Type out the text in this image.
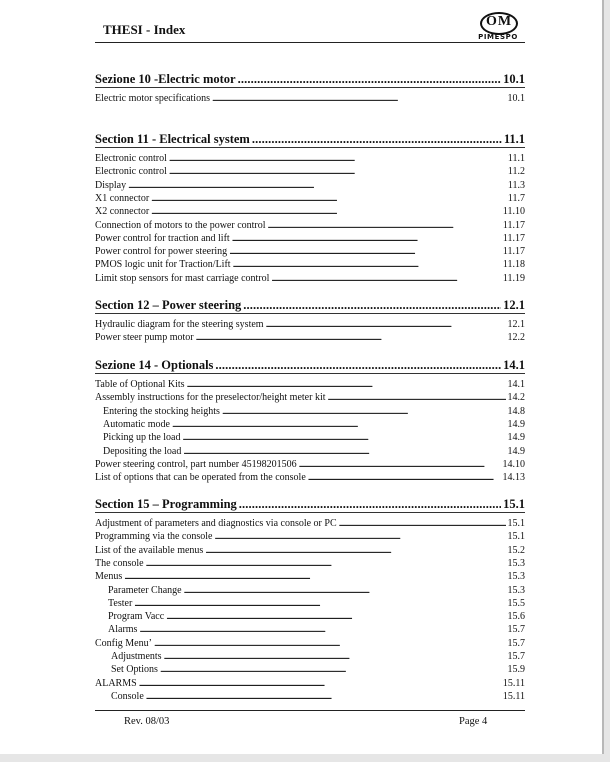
THESI - Index
OM
PIMESPO
Sezione 10 -Electric motor . . .	10.1
Electric motor specifications . . .	10.1
Section 11 - Electrical system . . .	11.1
Electronic control . . .	11.1
Electronic control . . .	11.2
Display . . .	11.3
X1 connector . . .	11.7
X2 connector . . .	11.10
Connection of motors to the power control . . .	11.17
Power control for traction and lift . . .	11.17
Power control for power steering . . .	11.17
PMOS logic unit for Traction/Lift . . .	11.18
Limit stop sensors for mast carriage control . . .	11.19
Section 12 – Power steering . . .	12.1
Hydraulic diagram for the steering system . . .	12.1
Power steer pump motor . . .	12.2
Sezione 14 - Optionals . . .	14.1
Table of Optional Kits . . .	14.1
Assembly instructions for the preselector/height meter kit . . .	14.2
Entering the stocking heights . . .	14.8
Automatic mode . . .	14.9
Picking up the load . . .	14.9
Depositing the load . . .	14.9
Power steering control, part number 45198201506 . . .	14.10
List of options that can be operated from the console . . .	14.13
Section 15 – Programming . . .	15.1
Adjustment of parameters and diagnostics via console or PC . . .	15.1
Programming via the console . . .	15.1
List of the available menus . . .	15.2
The console . . .	15.3
Menus . . .	15.3
Parameter Change . . .	15.3
Tester . . .	15.5
Program Vacc . . .	15.6
Alarms . . .	15.7
Config Menu’ . . .	15.7
Adjustments . . .	15.7
Set Options . . .	15.9
ALARMS . . .	15.11
Console . . .	15.11
Rev. 08/03	Page 4
